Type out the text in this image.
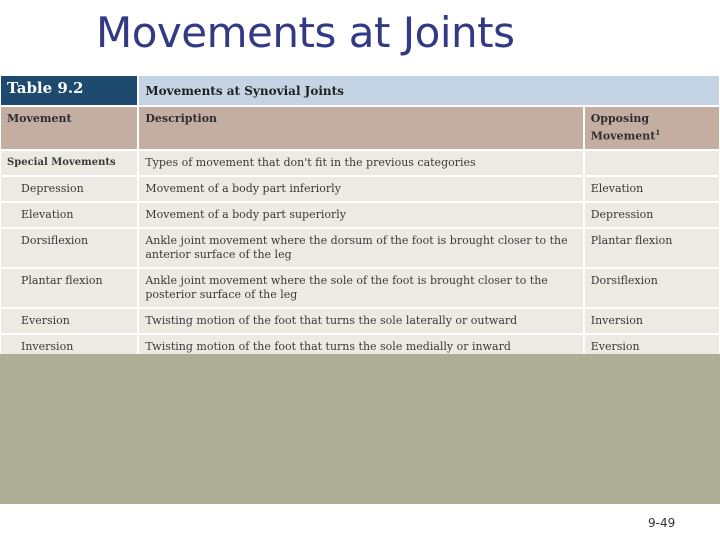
Movements at Joints
Table 9.2	Movements at Synovial Joints	
Movement	Description	Opposing Movement$^1$
Special Movements	Types of movement that don't fit in the previous categories	
Depression	Movement of a body part inferiorly	Elevation
Elevation	Movement of a body part superiorly	Depression
Dorsiflexion	Ankle joint movement where the dorsum of the foot is brought closer to the anterior surface of the leg	Plantar flexion
Plantar flexion	Ankle joint movement where the sole of the foot is brought closer to the posterior surface of the leg	Dorsiflexion
Eversion	Twisting motion of the foot that turns the sole laterally or outward	Inversion
Inversion	Twisting motion of the foot that turns the sole medially or inward	Eversion
9-49
